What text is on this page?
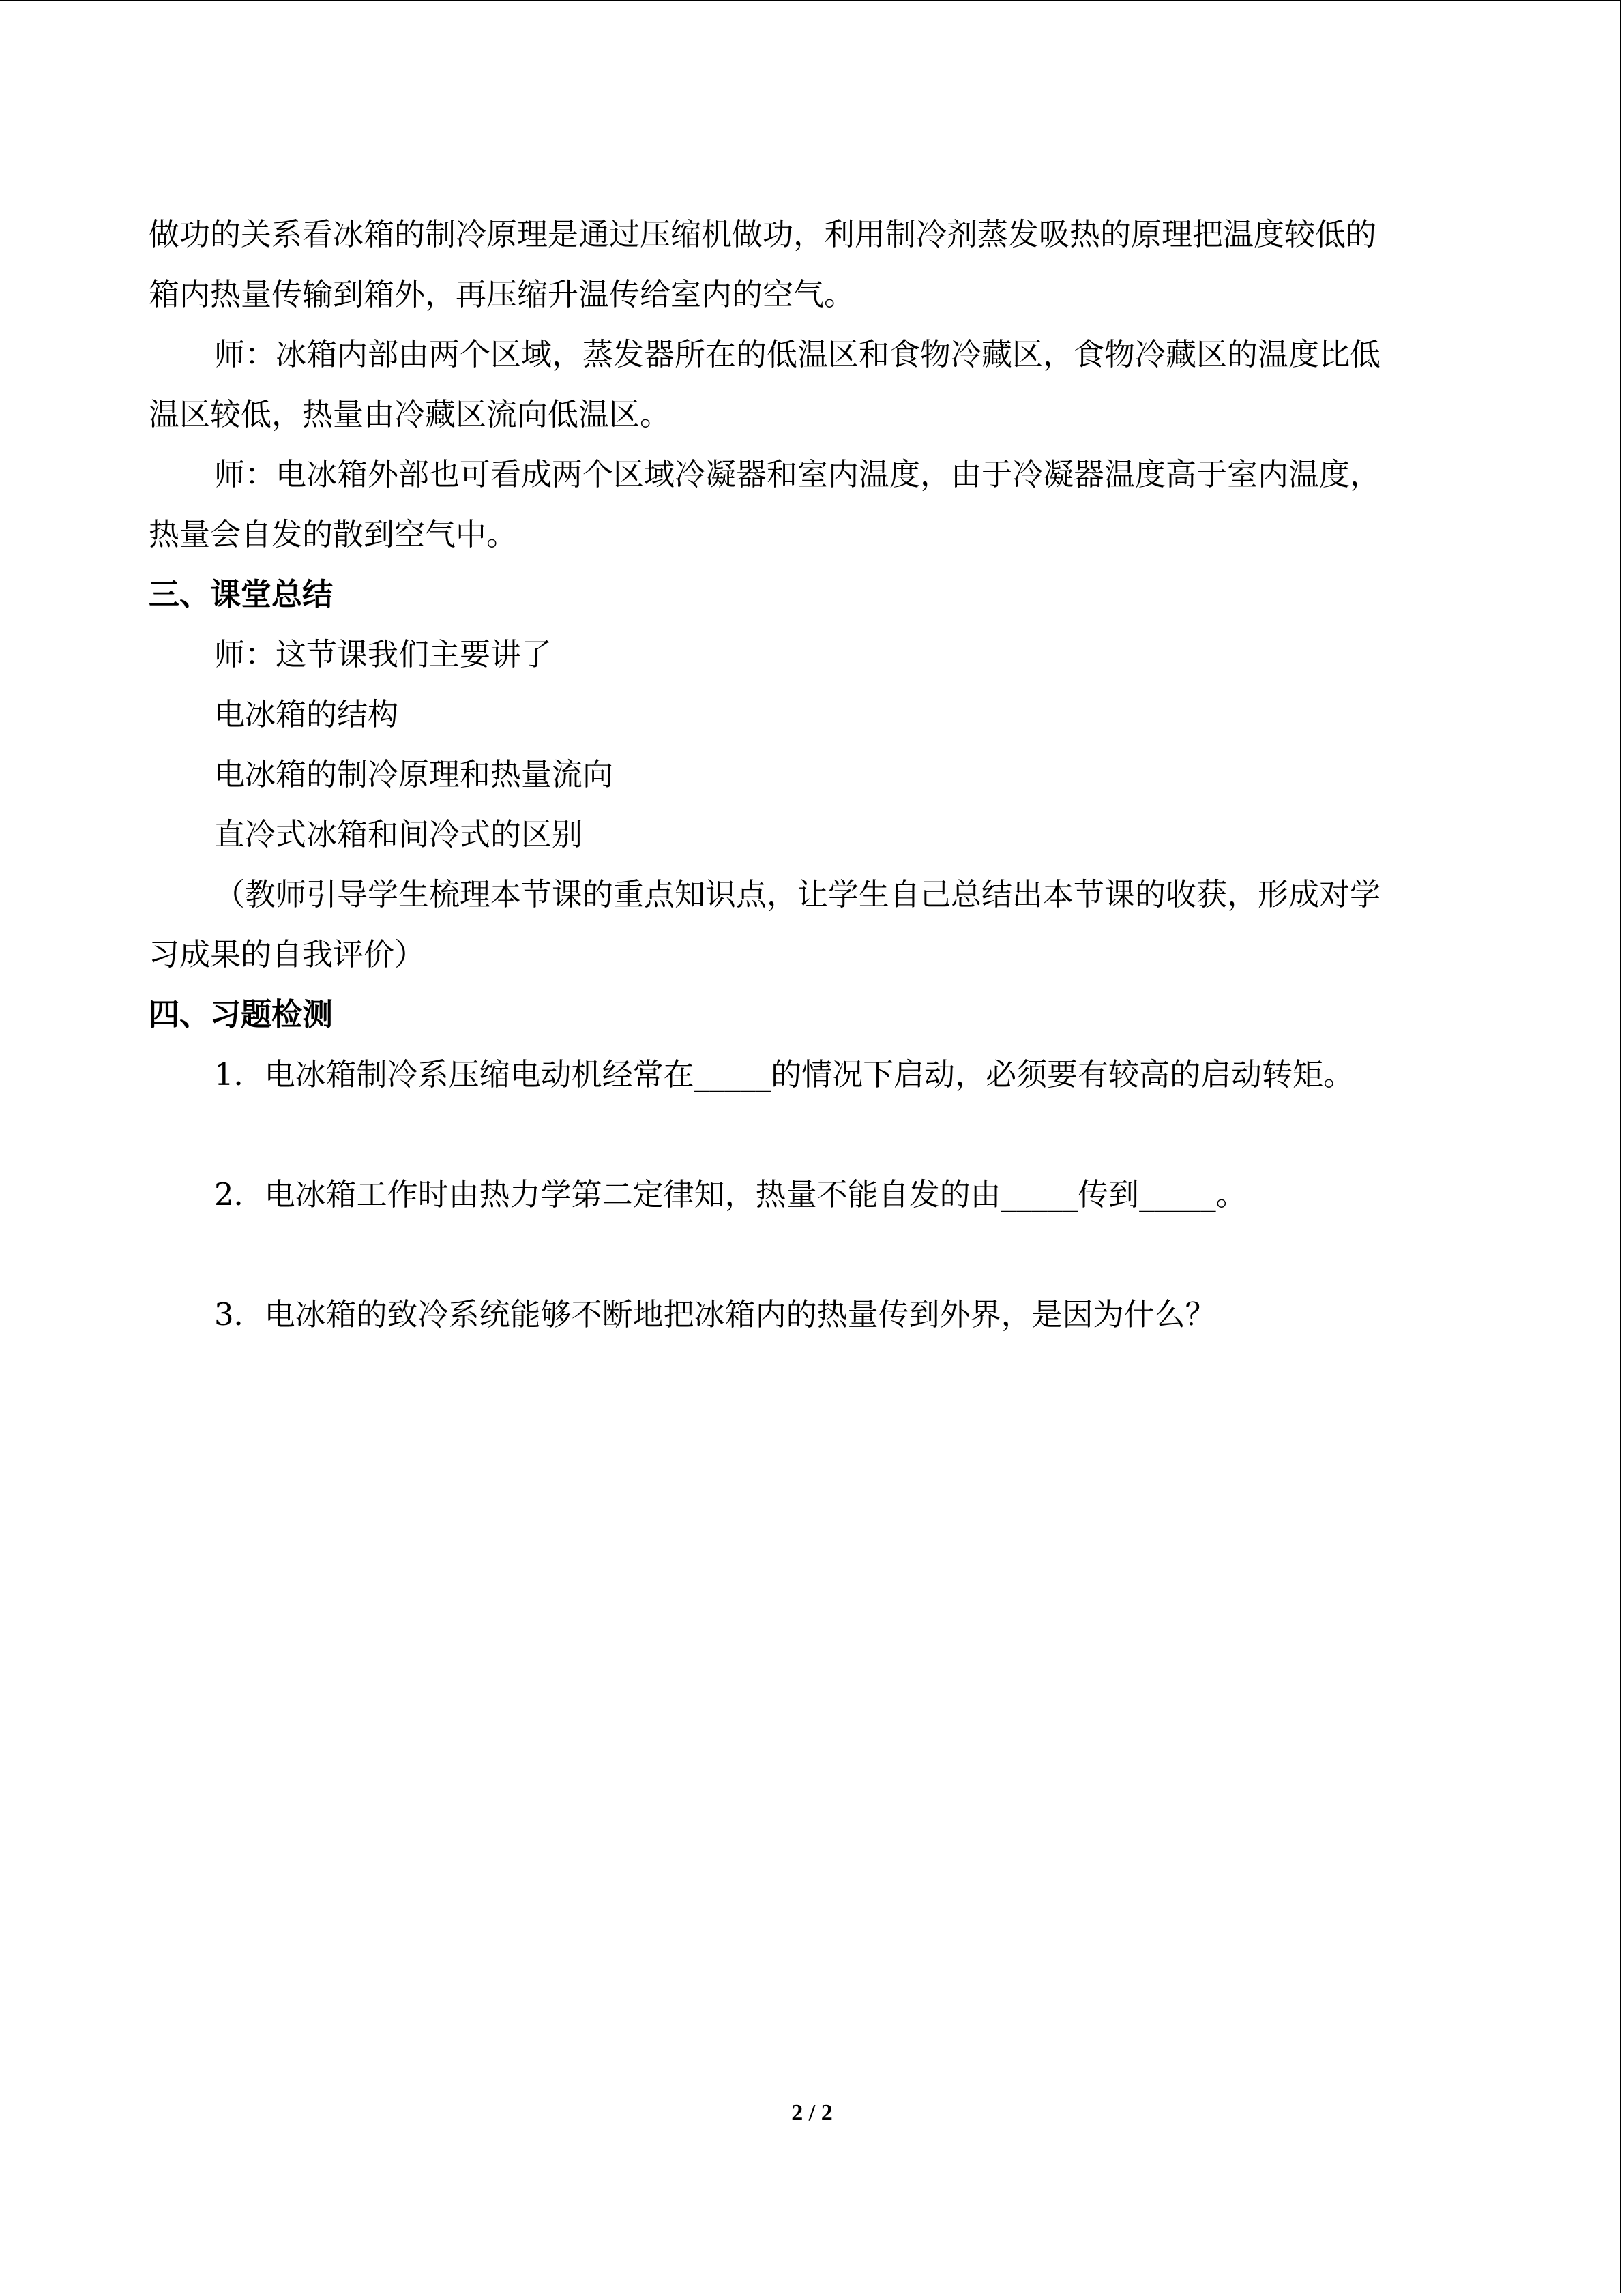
做功的关系看冰箱的制冷原理是通过压缩机做功，利用制冷剂蒸发吸热的原理把温度较低的
箱内热量传输到箱外，再压缩升温传给室内的空气。
师：冰箱内部由两个区域，蒸发器所在的低温区和食物冷藏区，食物冷藏区的温度比低
温区较低，热量由冷藏区流向低温区。
师：电冰箱外部也可看成两个区域冷凝器和室内温度，由于冷凝器温度高于室内温度，
热量会自发的散到空气中。
三、课堂总结
师：这节课我们主要讲了
电冰箱的结构
电冰箱的制冷原理和热量流向
直冷式冰箱和间冷式的区别
（教师引导学生梳理本节课的重点知识点，让学生自己总结出本节课的收获，形成对学
习成果的自我评价）
四、习题检测
1．电冰箱制冷系压缩电动机经常在_____的情况下启动，必须要有较高的启动转矩。
2．电冰箱工作时由热力学第二定律知，热量不能自发的由_____传到_____。
3．电冰箱的致冷系统能够不断地把冰箱内的热量传到外界，是因为什么？
2 / 2
